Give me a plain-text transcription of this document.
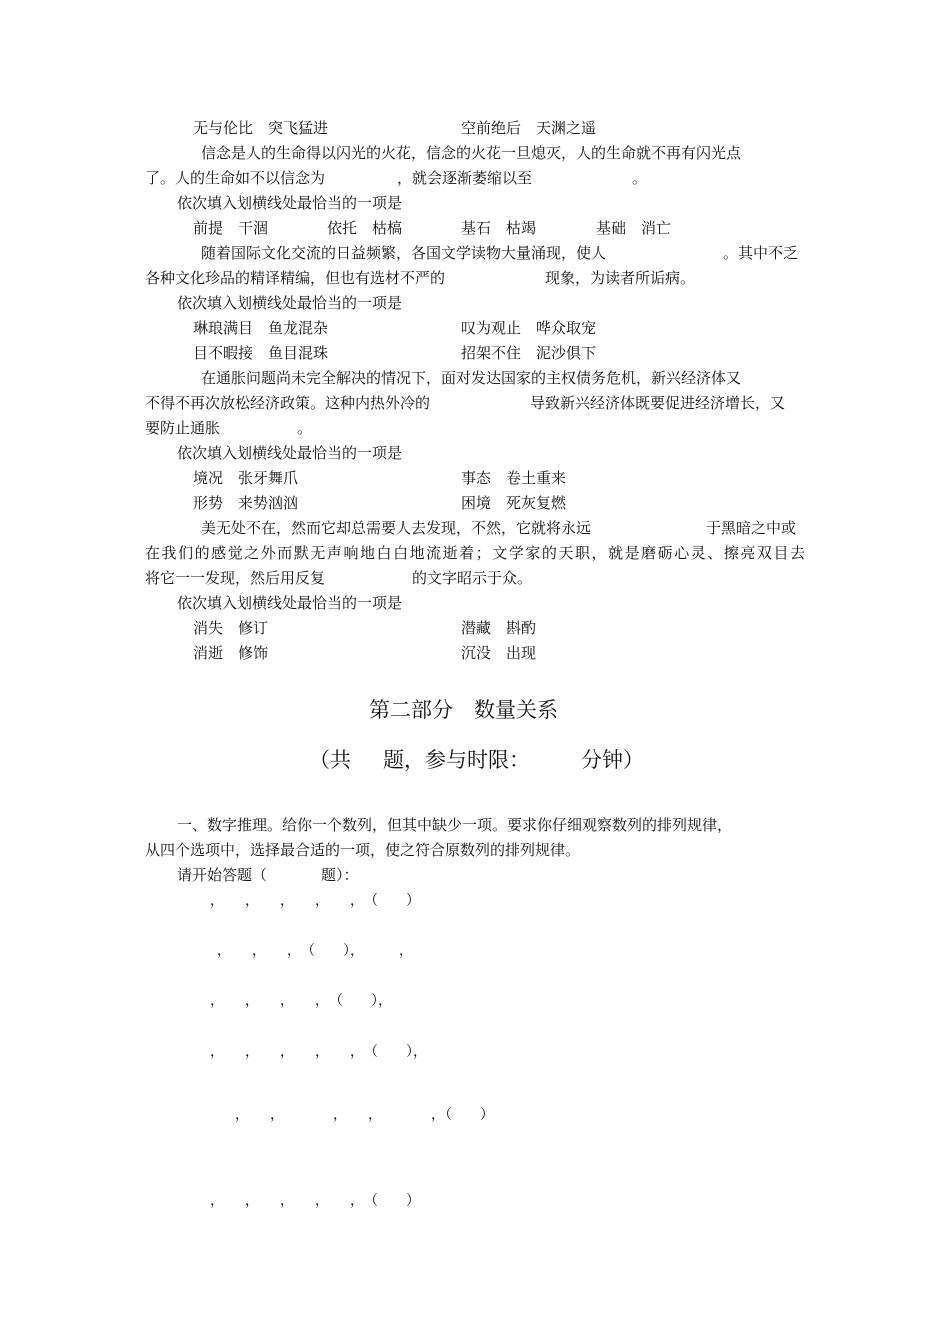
无与伦比　突飞猛进	空前绝后　天渊之遥
信念是人的生命得以闪光的火花，信念的火花一旦熄灭，人的生命就不再有闪光点
了。人的生命如不以信念为	，就会逐渐萎缩以至	。
依次填入划横线处最恰当的一项是
前提　干涸	依托　枯槁	基石　枯竭	基础　消亡
随着国际文化交流的日益频繁，各国文学读物大量涌现，使人	。其中不乏
各种文化珍品的精译精编，但也有选材不严的	现象，为读者所诟病。
依次填入划横线处最恰当的一项是
琳琅满目　鱼龙混杂	叹为观止　哗众取宠
目不暇接　鱼目混珠	招架不住　泥沙俱下
在通胀问题尚未完全解决的情况下，面对发达国家的主权债务危机，新兴经济体又
不得不再次放松经济政策。这种内热外冷的	导致新兴经济体既要促进经济增长，又
要防止通胀	。
依次填入划横线处最恰当的一项是
境况　张牙舞爪	事态　卷土重来
形势　来势汹汹	困境　死灰复燃
美无处不在，然而它却总需要人去发现，不然，它就将永远	于黑暗之中或
在我们的感觉之外而默无声响地白白地流逝着；文学家的天职，就是磨砺心灵、擦亮双目去
将它一一发现，然后用反复	的文字昭示于众。
依次填入划横线处最恰当的一项是
消失　修订	潜藏　斟酌
消逝　修饰	沉没　出现
第二部分　数量关系
（共 题，参与时限： 分钟）
一、数字推理。给你一个数列，但其中缺少一项。要求你仔细观察数列的排列规律，
从四个选项中，选择最合适的一项，使之符合原数列的排列规律。
请开始答题（	题）：
，　　，　　，　　，　　，　（　　）
，　　，　　，　（　　），　　　，
，　　，　　，　　，　（　　），
，　　，　　，　　，　　，　（　　），
，　　，　　　　，　　，　　　　，（　　）
，　　，　　，　　，　　，　（　　）
